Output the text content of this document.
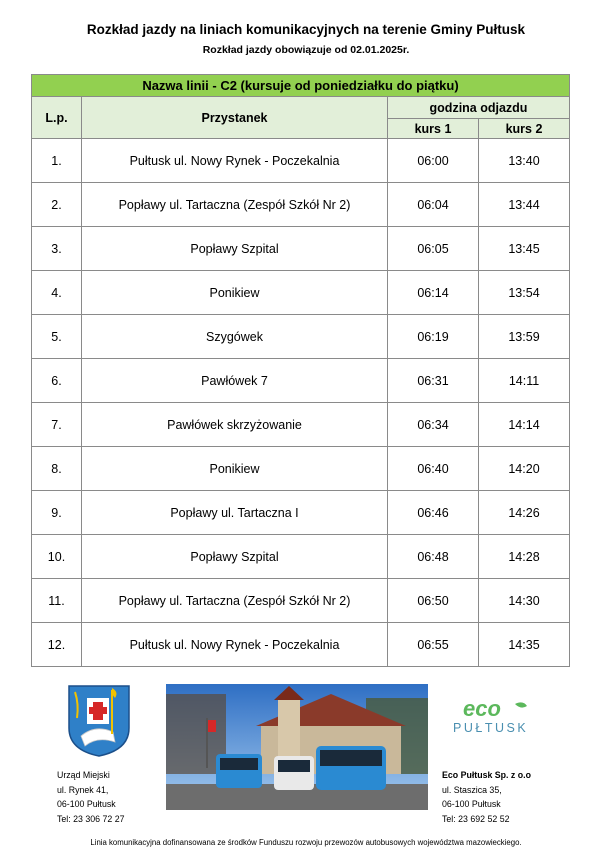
Rozkład jazdy na liniach komunikacyjnych na terenie Gminy Pułtusk
Rozkład jazdy obowiązuje od 02.01.2025r.
Nazwa linii - C2 (kursuje od poniedziałku do piątku)			
L.p.	Przystanek	godzina odjazdu	
		kurs 1	kurs 2
1.	Pułtusk ul. Nowy Rynek - Poczekalnia	06:00	13:40
2.	Popławy ul. Tartaczna (Zespół Szkół Nr 2)	06:04	13:44
3.	Popławy Szpital	06:05	13:45
4.	Ponikiew	06:14	13:54
5.	Szygówek	06:19	13:59
6.	Pawłówek 7	06:31	14:11
7.	Pawłówek skrzyżowanie	06:34	14:14
8.	Ponikiew	06:40	14:20
9.	Popławy ul. Tartaczna I	06:46	14:26
10.	Popławy Szpital	06:48	14:28
11.	Popławy ul. Tartaczna (Zespół Szkół Nr 2)	06:50	14:30
12.	Pułtusk ul. Nowy Rynek - Poczekalnia	06:55	14:35
eco
PUŁTUSK
Urząd Miejski
ul. Rynek 41,
06-100 Pułtusk
Tel: 23 306 72 27
Eco Pułtusk Sp. z o.o
ul. Staszica 35,
06-100 Pułtusk
Tel: 23 692 52 52
Linia komunikacyjna dofinansowana ze środków Funduszu rozwoju przewozów autobusowych województwa mazowieckiego.
